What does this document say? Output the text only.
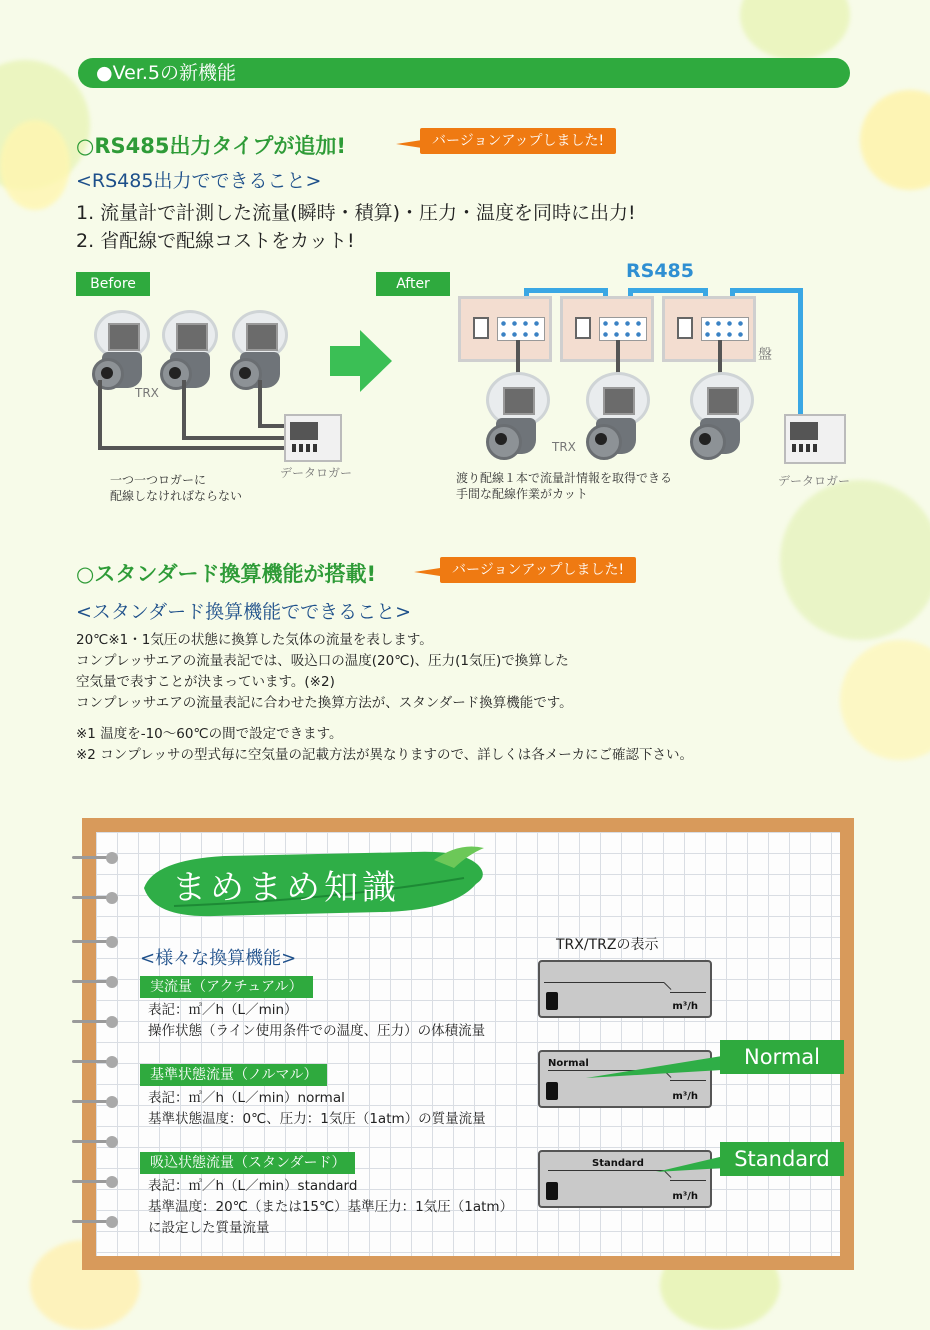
●Ver.5の新機能
○RS485出力タイプが追加!	バージョンアップしました!
<RS485出力でできること>
1. 流量計で計測した流量(瞬時・積算)・圧力・温度を同時に出力!
2. 省配線で配線コストをカット!
Before
TRX
データロガー
一つ一つロガーに
配線しなければならない
After
RS485
盤
TRX
データロガー
渡り配線１本で流量計情報を取得できる
手間な配線作業がカット
○スタンダード換算機能が搭載!	バージョンアップしました!
<スタンダード換算機能でできること>
20℃※1・1気圧の状態に換算した気体の流量を表します。
コンプレッサエアの流量表記では、吸込口の温度(20℃)、圧力(1気圧)で換算した
空気量で表すことが決まっています。(※2)
コンプレッサエアの流量表記に合わせた換算方法が、スタンダード換算機能です。
※1 温度を-10～60℃の間で設定できます。
※2 コンプレッサの型式毎に空気量の記載方法が異なりますので、詳しくは各メーカにご確認下さい。
まめまめ知識
<様々な換算機能>
TRX/TRZの表示
実流量（アクチュアル）
表記：㎥／h（L／min）
操作状態（ライン使用条件での温度、圧力）の体積流量
基準状態流量（ノルマル）
表記：㎥／h（L／min）normal
基準状態温度：0℃、圧力：1気圧（1atm）の質量流量
吸込状態流量（スタンダード）
表記：㎥／h（L／min）standard
基準温度：20℃（または15℃）基準圧力：1気圧（1atm）
に設定した質量流量
m³/h
Normal
m³/h
Standard
m³/h
Normal
Standard
